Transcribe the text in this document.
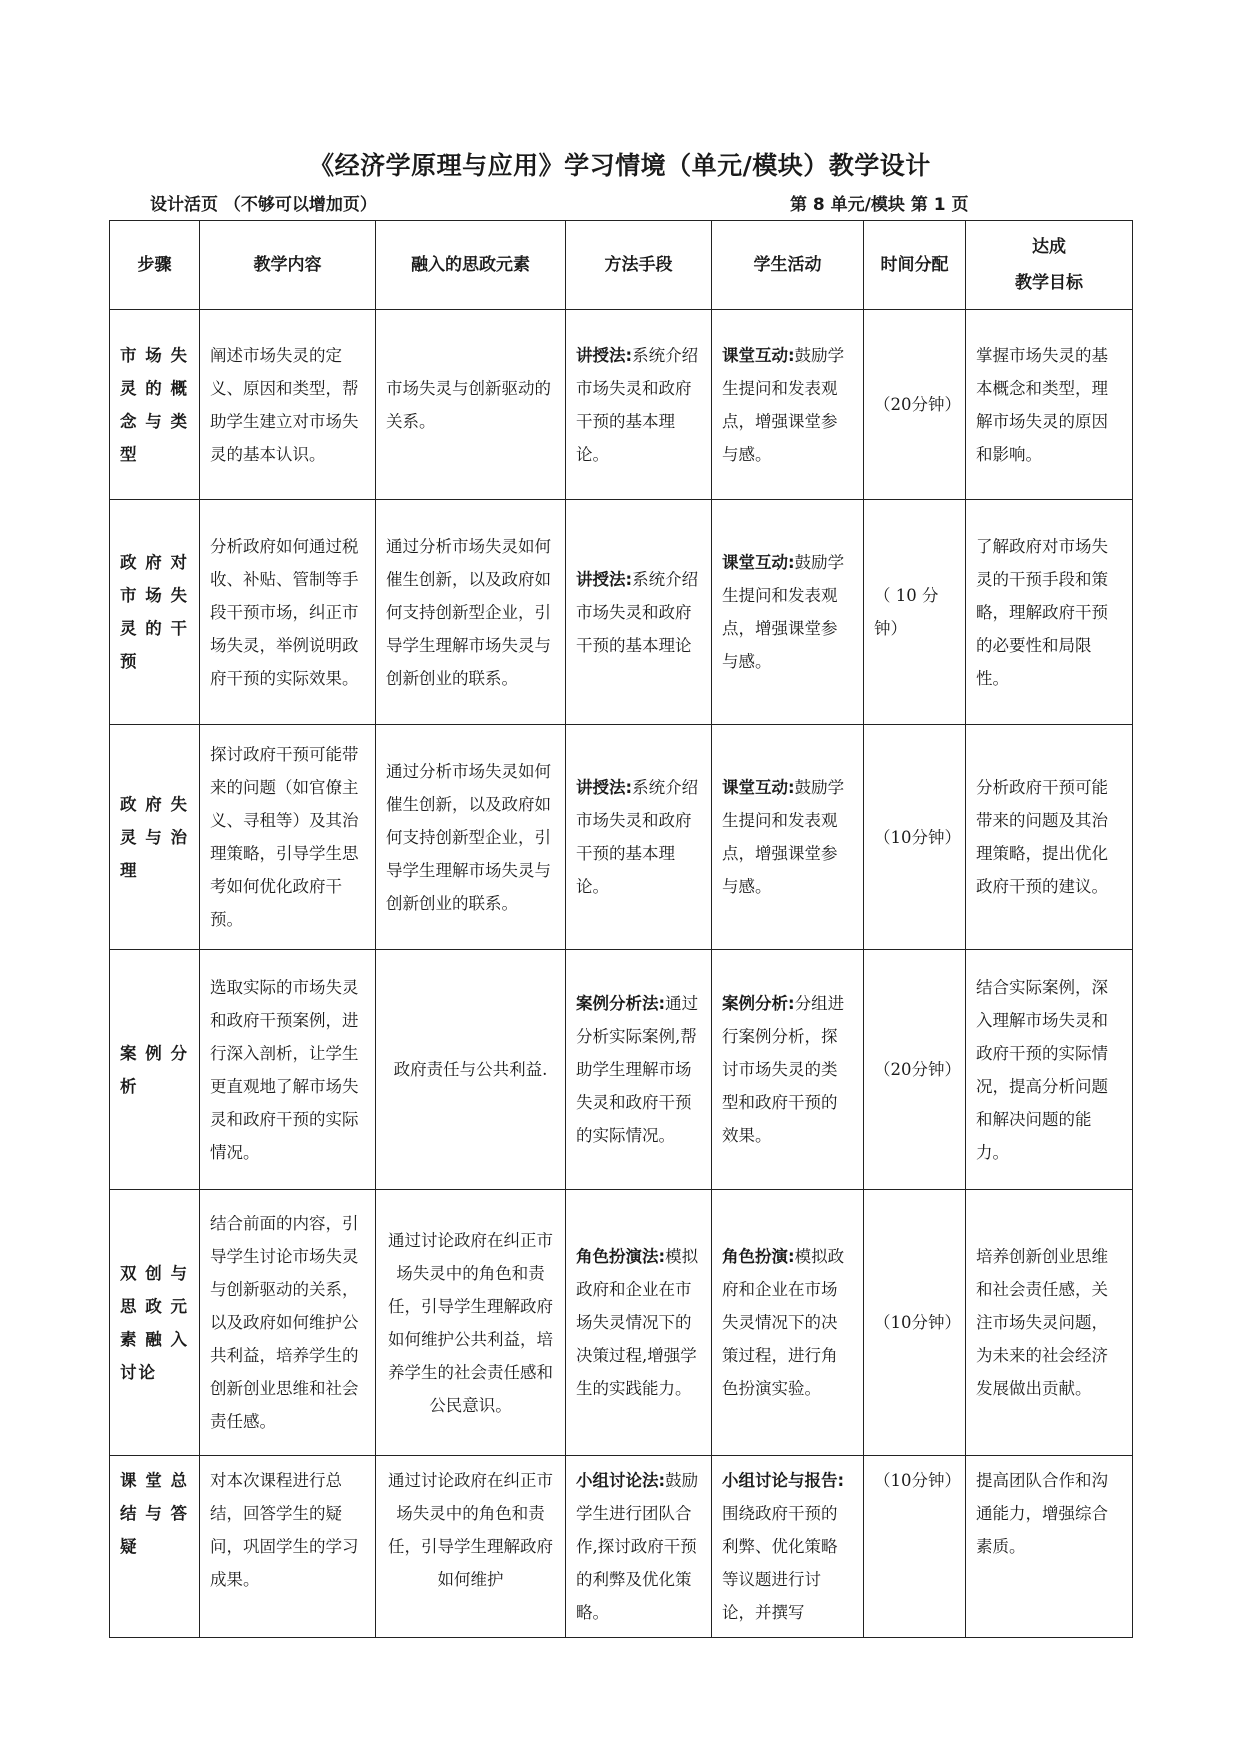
《经济学原理与应用》学习情境（单元/模块）教学设计
设计活页 （不够可以增加页）	第 8 单元/模块 第 1 页
步骤	教学内容	融入的思政元素	方法手段	学生活动	时间分配	达成
教学目标

市场失灵的概念与类型	阐述市场失灵的定义、原因和类型，帮助学生建立对市场失灵的基本认识。	市场失灵与创新驱动的关系。	讲授法:系统介绍市场失灵和政府干预的基本理论。	课堂互动:鼓励学生提问和发表观点，增强课堂参与感。	（20分钟）	掌握市场失灵的基本概念和类型，理解市场失灵的原因和影响。
政府对市场失灵的干预	分析政府如何通过税收、补贴、管制等手段干预市场，纠正市场失灵，举例说明政府干预的实际效果。	通过分析市场失灵如何催生创新，以及政府如何支持创新型企业，引导学生理解市场失灵与创新创业的联系。	讲授法:系统介绍市场失灵和政府干预的基本理论	课堂互动:鼓励学生提问和发表观点，增强课堂参与感。	（ 10 分钟）	了解政府对市场失灵的干预手段和策略，理解政府干预的必要性和局限性。
政府失灵与治理	探讨政府干预可能带来的问题（如官僚主义、寻租等）及其治理策略，引导学生思考如何优化政府干预。	通过分析市场失灵如何催生创新，以及政府如何支持创新型企业，引导学生理解市场失灵与创新创业的联系。	讲授法:系统介绍市场失灵和政府干预的基本理论。	课堂互动:鼓励学生提问和发表观点，增强课堂参与感。	（10分钟）	分析政府干预可能带来的问题及其治理策略，提出优化政府干预的建议。
案例分析	选取实际的市场失灵和政府干预案例，进行深入剖析，让学生更直观地了解市场失灵和政府干预的实际情况。	政府责任与公共利益.	案例分析法:通过分析实际案例,帮助学生理解市场失灵和政府干预的实际情况。	案例分析:分组进行案例分析，探讨市场失灵的类型和政府干预的效果。	（20分钟）	结合实际案例，深入理解市场失灵和政府干预的实际情况，提高分析问题和解决问题的能力。
双创与思政元素融入讨论	结合前面的内容，引导学生讨论市场失灵与创新驱动的关系，以及政府如何维护公共利益，培养学生的创新创业思维和社会责任感。	通过讨论政府在纠正市场失灵中的角色和责任，引导学生理解政府如何维护公共利益，培养学生的社会责任感和公民意识。	角色扮演法:模拟政府和企业在市场失灵情况下的决策过程,增强学生的实践能力。	角色扮演:模拟政府和企业在市场失灵情况下的决策过程，进行角色扮演实验。	（10分钟）	培养创新创业思维和社会责任感，关注市场失灵问题，为未来的社会经济发展做出贡献。
课堂总结与答疑	对本次课程进行总结，回答学生的疑问，巩固学生的学习成果。	通过讨论政府在纠正市场失灵中的角色和责任，引导学生理解政府如何维护	小组讨论法:鼓励学生进行团队合作,探讨政府干预的利弊及优化策略。	小组讨论与报告:围绕政府干预的利弊、优化策略等议题进行讨论，并撰写	（10分钟）	提高团队合作和沟通能力，增强综合素质。
